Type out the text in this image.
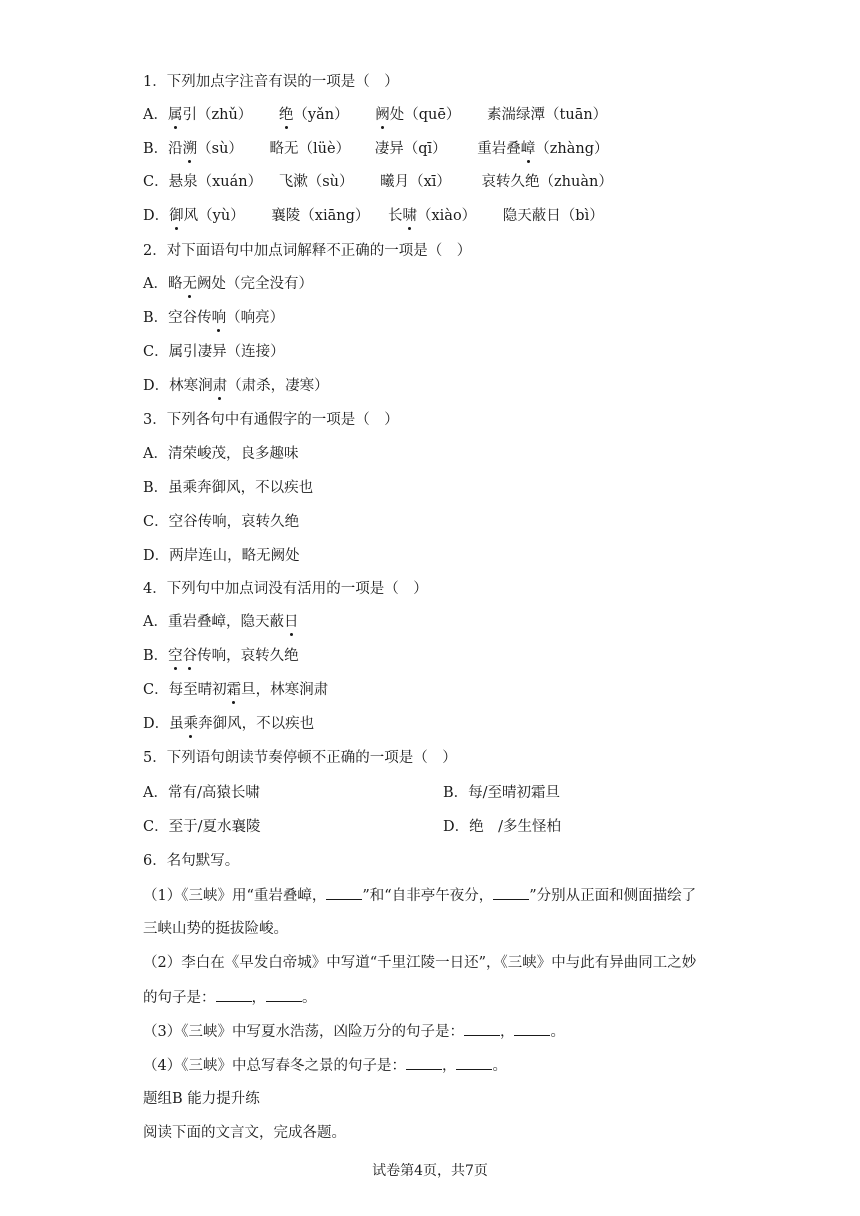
1．下列加点字注音有误的一项是（　）
A．属引（zhǔ） 绝（yǎn） 阙处（quē） 素湍绿潭（tuān）
B．沿溯（sù） 略无（lüè） 凄异（qī） 重岩叠嶂（zhàng）
C．悬泉（xuán） 飞漱（sù） 曦月（xī） 哀转久绝（zhuàn）
D．御风（yù） 襄陵（xiāng） 长啸（xiào） 隐天蔽日（bì）
2．对下面语句中加点词解释不正确的一项是（　）
A．略无阙处（完全没有）
B．空谷传响（响亮）
C．属引凄异（连接）
D．林寒涧肃（肃杀，凄寒）
3．下列各句中有通假字的一项是（　）
A．清荣峻茂，良多趣味
B．虽乘奔御风，不以疾也
C．空谷传响，哀转久绝
D．两岸连山，略无阙处
4．下列句中加点词没有活用的一项是（　）
A．重岩叠嶂，隐天蔽日
B．空谷传响，哀转久绝
C．每至晴初霜旦，林寒涧肃
D．虽乘奔御风，不以疾也
5．下列语句朗读节奏停顿不正确的一项是（　）
A．常有/高猿长啸	B．每/至晴初霜旦
C．至于/夏水襄陵	D．绝　/多生怪柏
6．名句默写。
（1）《三峡》用“重岩叠嶂， ”和“自非亭午夜分， ”分别从正面和侧面描绘了
三峡山势的挺拔险峻。
（2）李白在《早发白帝城》中写道“千里江陵一日还”，《三峡》中与此有异曲同工之妙
的句子是： ， 。
（3）《三峡》中写夏水浩荡，凶险万分的句子是： ， 。
（4）《三峡》中总写春冬之景的句子是： ， 。
题组B 能力提升练
阅读下面的文言文，完成各题。
试卷第4页，共7页
